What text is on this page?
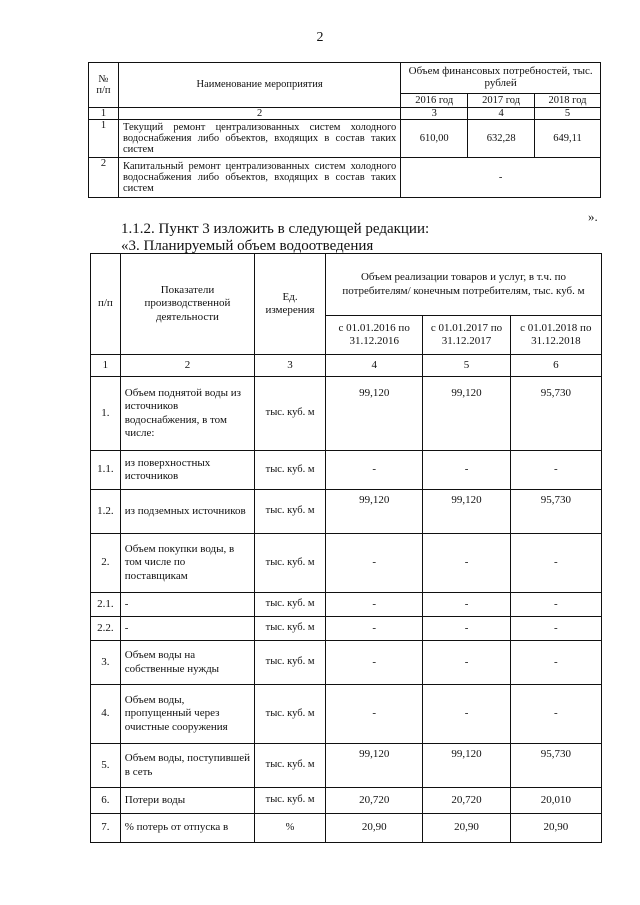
2
№
п/п	Наименование мероприятия	Объем финансовых потребностей, тыс. рублей		
		2016 год	2017 год	2018 год
1	2	3	4	5
1	Текущий ремонт централизованных систем холодного водоснабжения либо объектов, входящих в состав таких систем	610,00	632,28	649,11
2	Капитальный ремонт централизованных систем холодного водоснабжения либо объектов, входящих в состав таких систем	-		
».
1.1.2. Пункт 3 изложить в следующей редакции:
«3. Планируемый объем водоотведения
п/п	Показатели производственной деятельности	Ед. измерения	Объем реализации товаров и услуг, в т.ч. по потребителям/ конечным потребителям, тыс. куб. м		
			с 01.01.2016 по 31.12.2016	с 01.01.2017 по 31.12.2017	с 01.01.2018 по 31.12.2018
1	2	3	4	5	6
1.	Объем поднятой воды из источников водоснабжения, в том числе:	тыс. куб. м	99,120	99,120	95,730
1.1.	из поверхностных источников	тыс. куб. м	-	-	-
1.2.	из подземных источников	тыс. куб. м	99,120	99,120	95,730
2.	Объем покупки воды, в том числе по поставщикам	тыс. куб. м	-	-	-
2.1.	-	тыс. куб. м	-	-	-
2.2.	-	тыс. куб. м	-	-	-
3.	Объем воды на собственные нужды	тыс. куб. м	-	-	-
4.	Объем воды, пропущенный через очистные сооружения	тыс. куб. м	-	-	-
5.	Объем воды, поступившей в сеть	тыс. куб. м	99,120	99,120	95,730
6.	Потери воды	тыс. куб. м	20,720	20,720	20,010
7.	% потерь от отпуска в	%	20,90	20,90	20,90
